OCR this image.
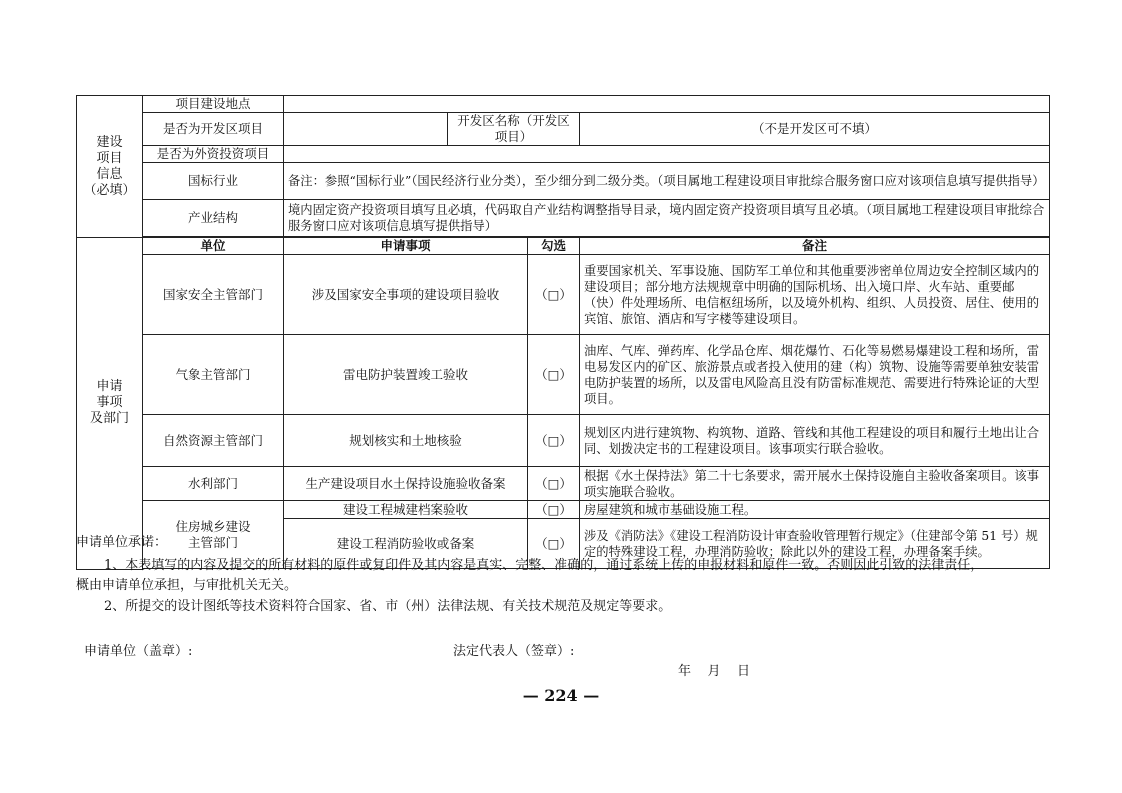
建设
项目
信息
（必填）	项目建设地点				
	是否为开发区项目		开发区名称（开发区项目）		（不是开发区可不填）
	是否为外资投资项目				
	国标行业	备注：参照“国标行业”（国民经济行业分类），至少细分到二级分类。（项目属地工程建设项目审批综合服务窗口应对该项信息填写提供指导）			
	产业结构	境内固定资产投资项目填写且必填，代码取自产业结构调整指导目录，境内固定资产投资项目填写且必填。（项目属地工程建设项目审批综合服务窗口应对该项信息填写提供指导）			

申请
事项
及部门	单位	申请事项		勾选	备注
	国家安全主管部门	涉及国家安全事项的建设项目验收		（□）	重要国家机关、军事设施、国防军工单位和其他重要涉密单位周边安全控制区域内的建设项目；部分地方法规规章中明确的国际机场、出入境口岸、火车站、重要邮（快）件处理场所、电信枢纽场所，以及境外机构、组织、人员投资、居住、使用的宾馆、旅馆、酒店和写字楼等建设项目。
	气象主管部门	雷电防护装置竣工验收		（□）	油库、气库、弹药库、化学品仓库、烟花爆竹、石化等易燃易爆建设工程和场所，雷电易发区内的矿区、旅游景点或者投入使用的建（构）筑物、设施等需要单独安装雷电防护装置的场所，以及雷电风险高且没有防雷标准规范、需要进行特殊论证的大型项目。
	自然资源主管部门	规划核实和土地核验		（□）	规划区内进行建筑物、构筑物、道路、管线和其他工程建设的项目和履行土地出让合同、划拨决定书的工程建设项目。该事项实行联合验收。
	水利部门	生产建设项目水土保持设施验收备案		（□）	根据《水土保持法》第二十七条要求，需开展水土保持设施自主验收备案项目。该事项实施联合验收。
	住房城乡建设
主管部门	建设工程城建档案验收		（□）	房屋建筑和城市基础设施工程。
		建设工程消防验收或备案		（□）	涉及《消防法》《建设工程消防设计审查验收管理暂行规定》（住建部令第 51 号）规定的特殊建设工程，办理消防验收；除此以外的建设工程，办理备案手续。

申请单位承诺：
1、本表填写的内容及提交的所有材料的原件或复印件及其内容是真实、完整、准确的，通过系统上传的申报材料和原件一致。否则因此引致的法律责任，
概由申请单位承担，与审批机关无关。
2、所提交的设计图纸等技术资料符合国家、省、市（州）法律法规、有关技术规范及规定等要求。
申请单位（盖章）:	法定代表人（签章）:
年    月    日
— 224 —
